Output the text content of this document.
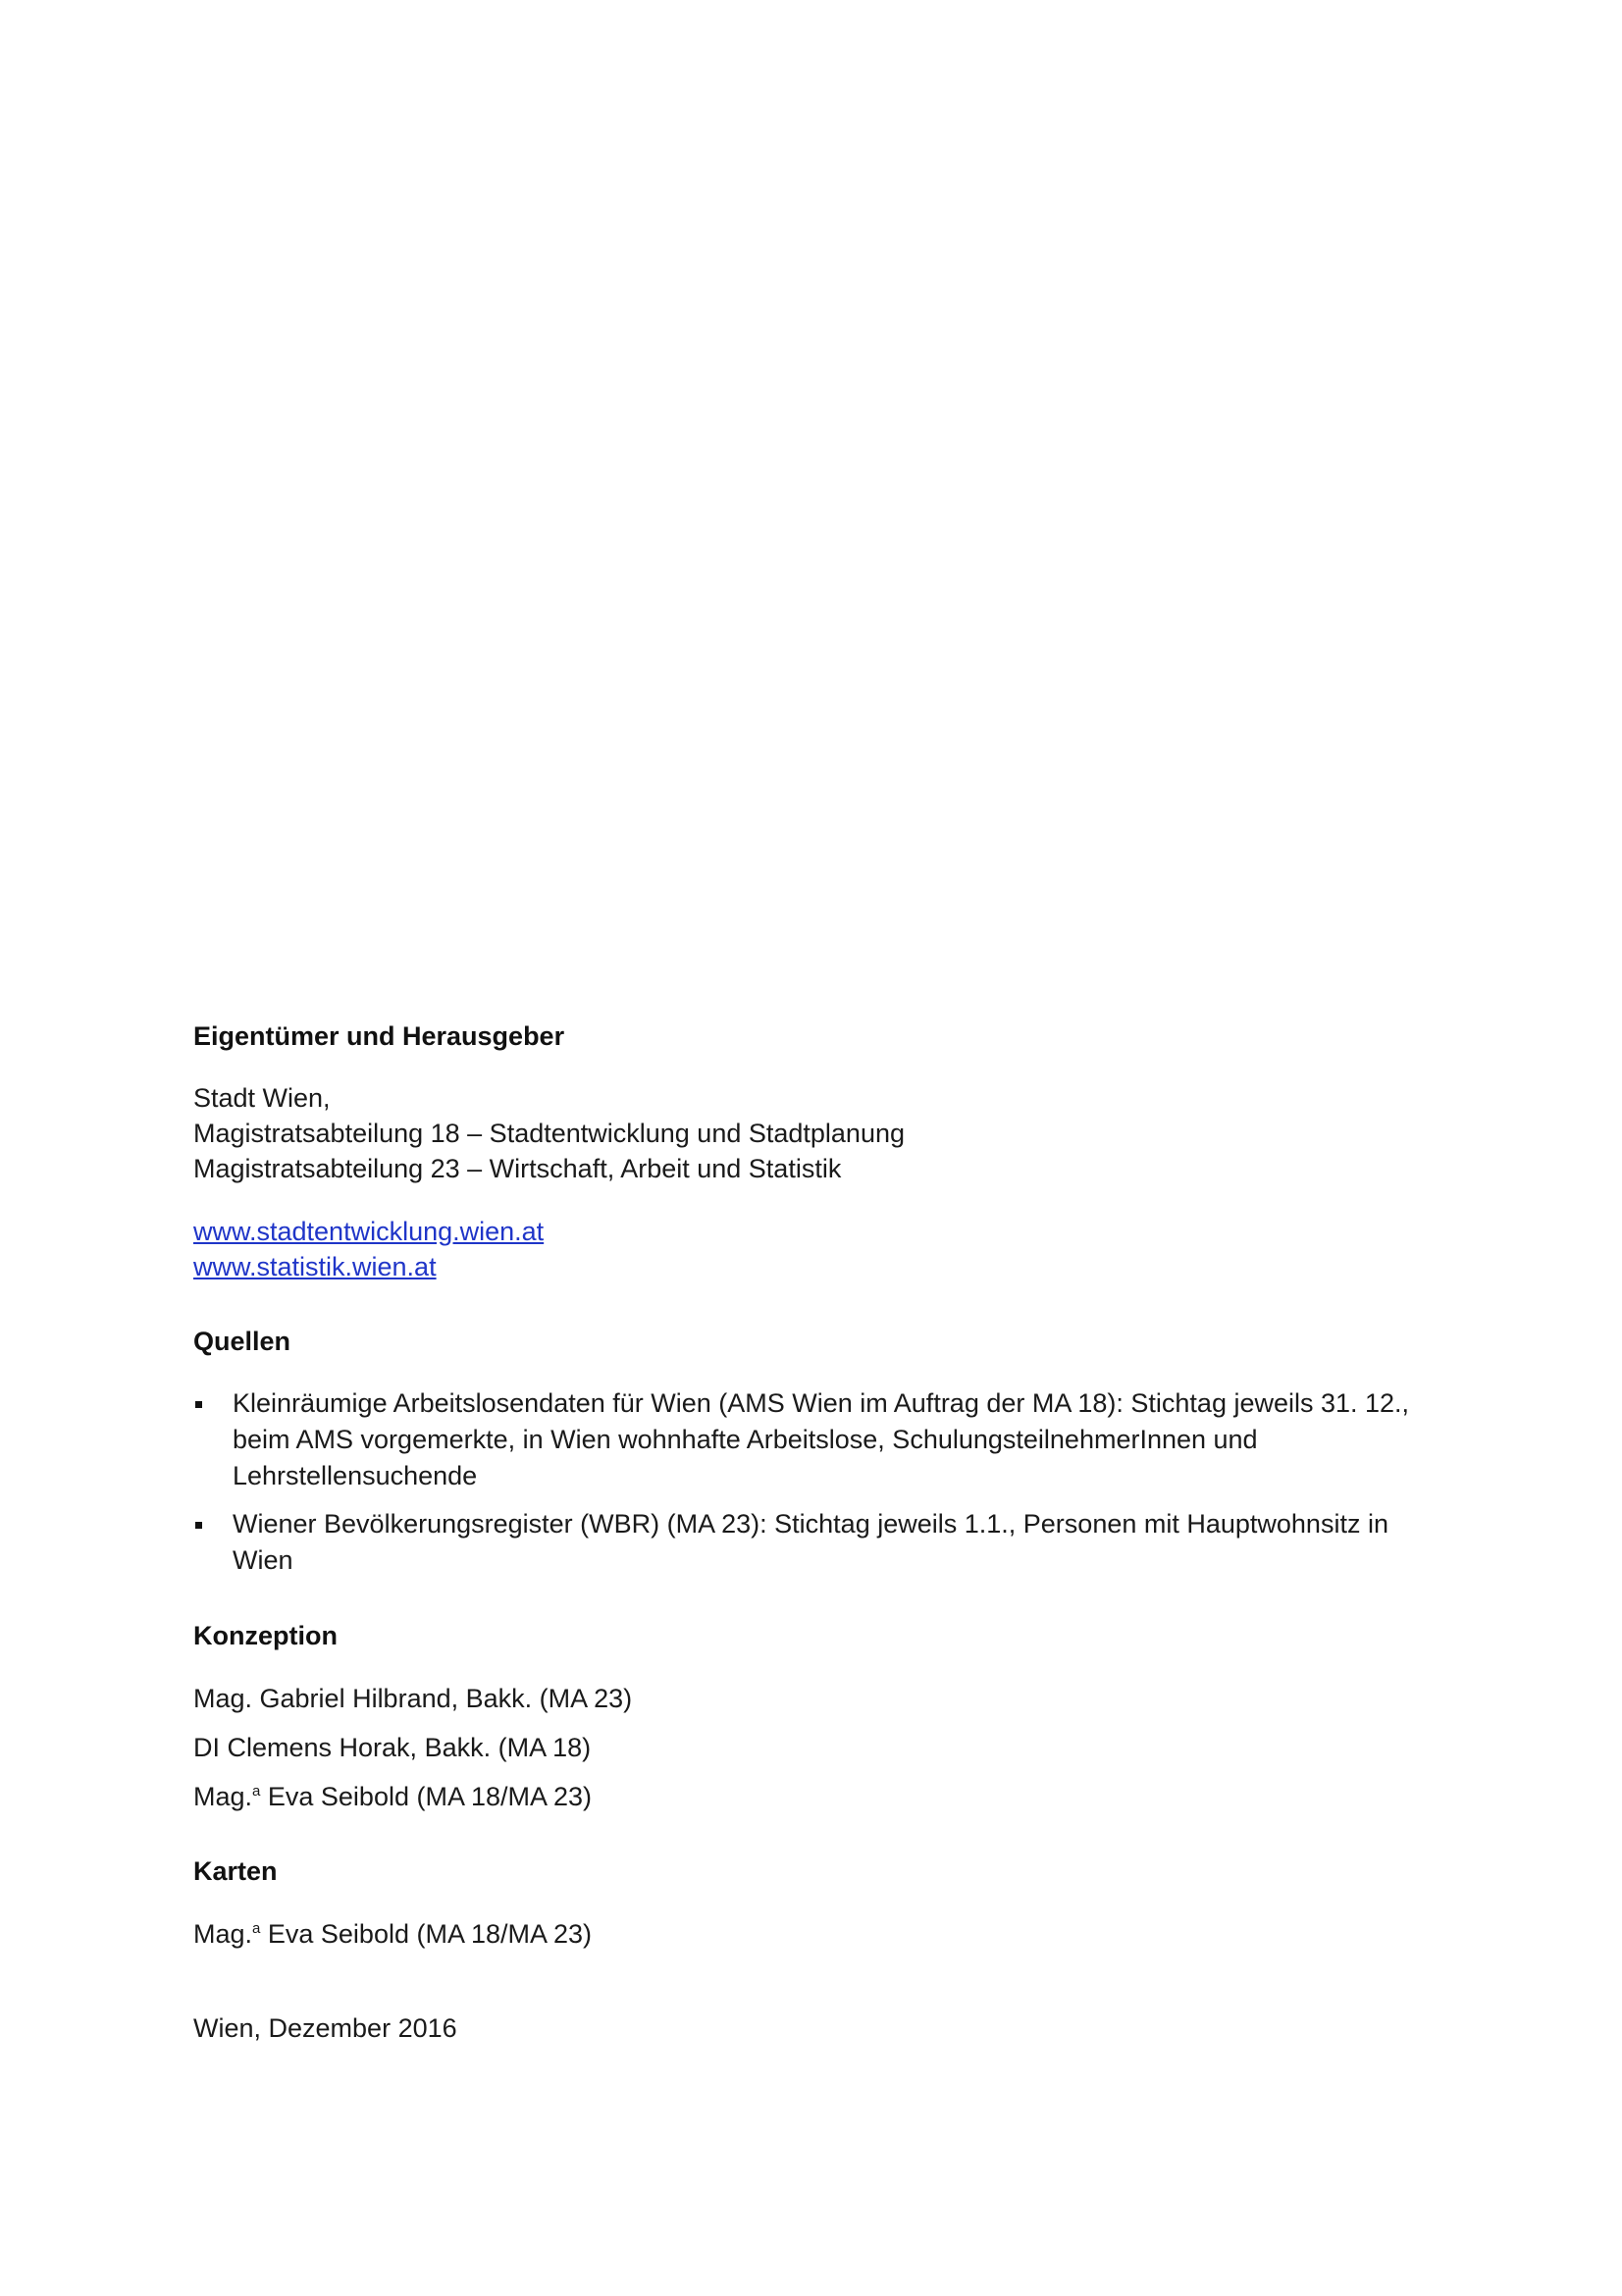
Eigentümer und Herausgeber
Stadt Wien,
Magistratsabteilung 18 – Stadtentwicklung und Stadtplanung
Magistratsabteilung 23 – Wirtschaft, Arbeit und Statistik
www.stadtentwicklung.wien.at
www.statistik.wien.at
Quellen
Kleinräumige Arbeitslosendaten für Wien (AMS Wien im Auftrag der MA 18): Stichtag jeweils 31. 12., beim AMS vorgemerkte, in Wien wohnhafte Arbeitslose, SchulungsteilnehmerInnen und Lehrstellensuchende
Wiener Bevölkerungsregister (WBR) (MA 23): Stichtag jeweils 1.1., Personen mit Hauptwohnsitz in Wien
Konzeption
Mag. Gabriel Hilbrand, Bakk. (MA 23)
DI Clemens Horak, Bakk. (MA 18)
Mag.$^a$ Eva Seibold (MA 18/MA 23)
Karten
Mag.$^a$ Eva Seibold (MA 18/MA 23)
Wien, Dezember 2016
